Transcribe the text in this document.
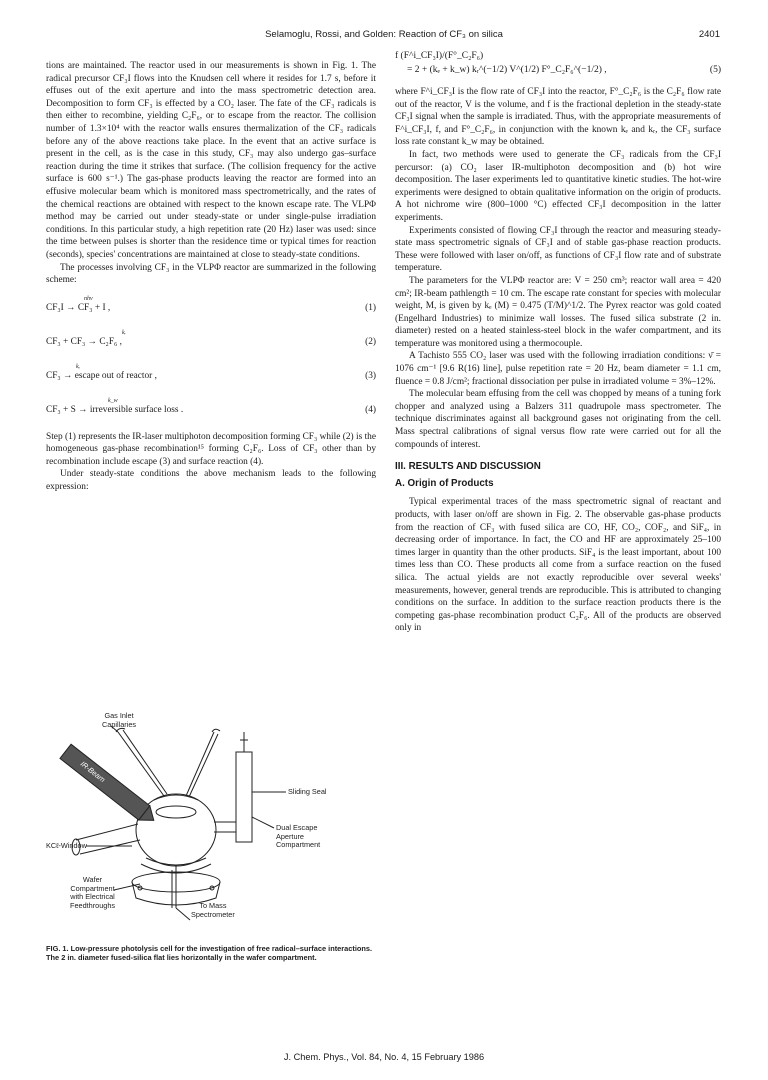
Selamoglu, Rossi, and Golden: Reaction of CF₃ on silica	2401

tions are maintained. The reactor used in our measurements is shown in Fig. 1. The radical precursor CF₃I flows into the Knudsen cell where it resides for 1.7 s, before it effuses out of the exit aperture and into the mass spectrometric detection area. Decomposition to form CF₃ is effected by a CO₂ laser. The fate of the CF₃ radicals is then either to recombine, yielding C₂F₆, or to escape from the reactor. The collision number of 1.3×10⁴ with the reactor walls ensures thermalization of the CF₃ radicals before any of the above reactions take place. In the event that an active surface is present in the cell, as is the case in this study, CF₃ may also undergo gas–surface reaction during the time it strikes that surface. (The collision frequency for the active surface is 600 s⁻¹.) The gas-phase products leaving the reactor are formed into an effusive molecular beam which is monitored mass spectrometrically, and the rates of the chemical reactions are obtained with respect to the known escape rate. The VLPΦ method may be carried out under steady-state or under single-pulse irradiation conditions. In this particular study, a high repetition rate (20 Hz) laser was used: since the time between pulses is shorter than the residence time or typical times for reaction (seconds), species' concentrations are maintained at close to steady-state conditions.

The processes involving CF₃ in the VLPΦ reactor are summarized in the following scheme:

nhν
CF₃I → CF₃ + I ,	(1)
kᵣ
CF₃ + CF₃ → C₂F₆ ,	(2)
kₑ
CF₃ → escape out of reactor ,	(3)
k_w
CF₃ + S → irreversible surface loss .	(4)

Step (1) represents the IR-laser multiphoton decomposition forming CF₃ while (2) is the homogeneous gas-phase recombination¹⁵ forming C₂F₆. Loss of CF₃ other than by recombination include escape (3) and surface reaction (4).

Under steady-state conditions the above mechanism leads to the following expression:

Gas Inlet
Capillaries
IR-Beam
Sliding Seal
Dual Escape
Aperture
Compartment
KCℓ-Window
Wafer
Compartment
with Electrical
Feedthroughs	To Mass
Spectrometer
FIG. 1. Low-pressure photolysis cell for the investigation of free radical–surface interactions. The 2 in. diameter fused-silica flat lies horizontally in the wafer compartment.
f (F^i_CF₃I)/(F°_C₂F₆)
= 2 + (kₑ + k_w) kᵣ^(−1/2) V^(1/2) F°_C₂F₆^(−1/2) ,	(5)

where F^i_CF₃I is the flow rate of CF₃I into the reactor, F°_C₂F₆ is the C₂F₆ flow rate out of the reactor, V is the volume, and f is the fractional depletion in the steady-state CF₃I signal when the sample is irradiated. Thus, with the appropriate measurements of F^i_CF₃I, f, and F°_C₂F₆, in conjunction with the known kₑ and kᵣ, the CF₃ surface loss rate constant k_w may be obtained.

In fact, two methods were used to generate the CF₃ radicals from the CF₃I percursor: (a) CO₂ laser IR-multiphoton decomposition and (b) hot wire decomposition. The laser experiments led to quantitative kinetic studies. The hot-wire experiments were designed to obtain qualitative information on the origin of products. A hot nichrome wire (800–1000 °C) effected CF₃I decomposition in the latter experiments.

Experiments consisted of flowing CF₃I through the reactor and measuring steady-state mass spectrometric signals of CF₃I and of stable gas-phase reaction products. These were followed with laser on/off, as functions of CF₃I flow rate and of substrate temperature.

The parameters for the VLPΦ reactor are: V = 250 cm³; reactor wall area = 420 cm²; IR-beam pathlength = 10 cm. The escape rate constant for species with molecular weight, M, is given by kₑ (M) = 0.475 (T/M)^1/2. The Pyrex reactor was gold coated (Engelhard Industries) to minimize wall losses. The fused silica substrate (2 in. diameter) rested on a heated stainless-steel block in the wafer compartment, and its temperature was monitored using a thermocouple.

A Tachisto 555 CO₂ laser was used with the following irradiation conditions: ν̄ = 1076 cm⁻¹ [9.6 R(16) line], pulse repetition rate = 20 Hz, beam diameter = 1.1 cm, fluence = 0.8 J/cm²; fractional dissociation per pulse in irradiated volume = 3%–12%.

The molecular beam effusing from the cell was chopped by means of a tuning fork chopper and analyzed using a Balzers 311 quadrupole mass spectrometer. The technique discriminates against all background gases not originating from the cell. Mass spectral calibrations of signal versus flow rate were carried out for all the compounds of interest.

III. RESULTS AND DISCUSSION
A. Origin of Products

Typical experimental traces of the mass spectrometric signal of reactant and products, with laser on/off are shown in Fig. 2. The observable gas-phase products from the reaction of CF₃ with fused silica are CO, HF, CO₂, COF₂, and SiF₄, in decreasing order of importance. In fact, the CO and HF are approximately 25–100 times larger in quantity than the other products. SiF₄ is the least important, about 100 times less than CO. These products all come from a surface reaction on the fused silica. The actual yields are not exactly reproducible over several weeks' measurements, however, general trends are reproducible. This is attributed to changing conditions on the surface. In addition to the surface reaction products there is the competing gas-phase recombination product C₂F₆. All of the products are observed only in

J. Chem. Phys., Vol. 84, No. 4, 15 February 1986
